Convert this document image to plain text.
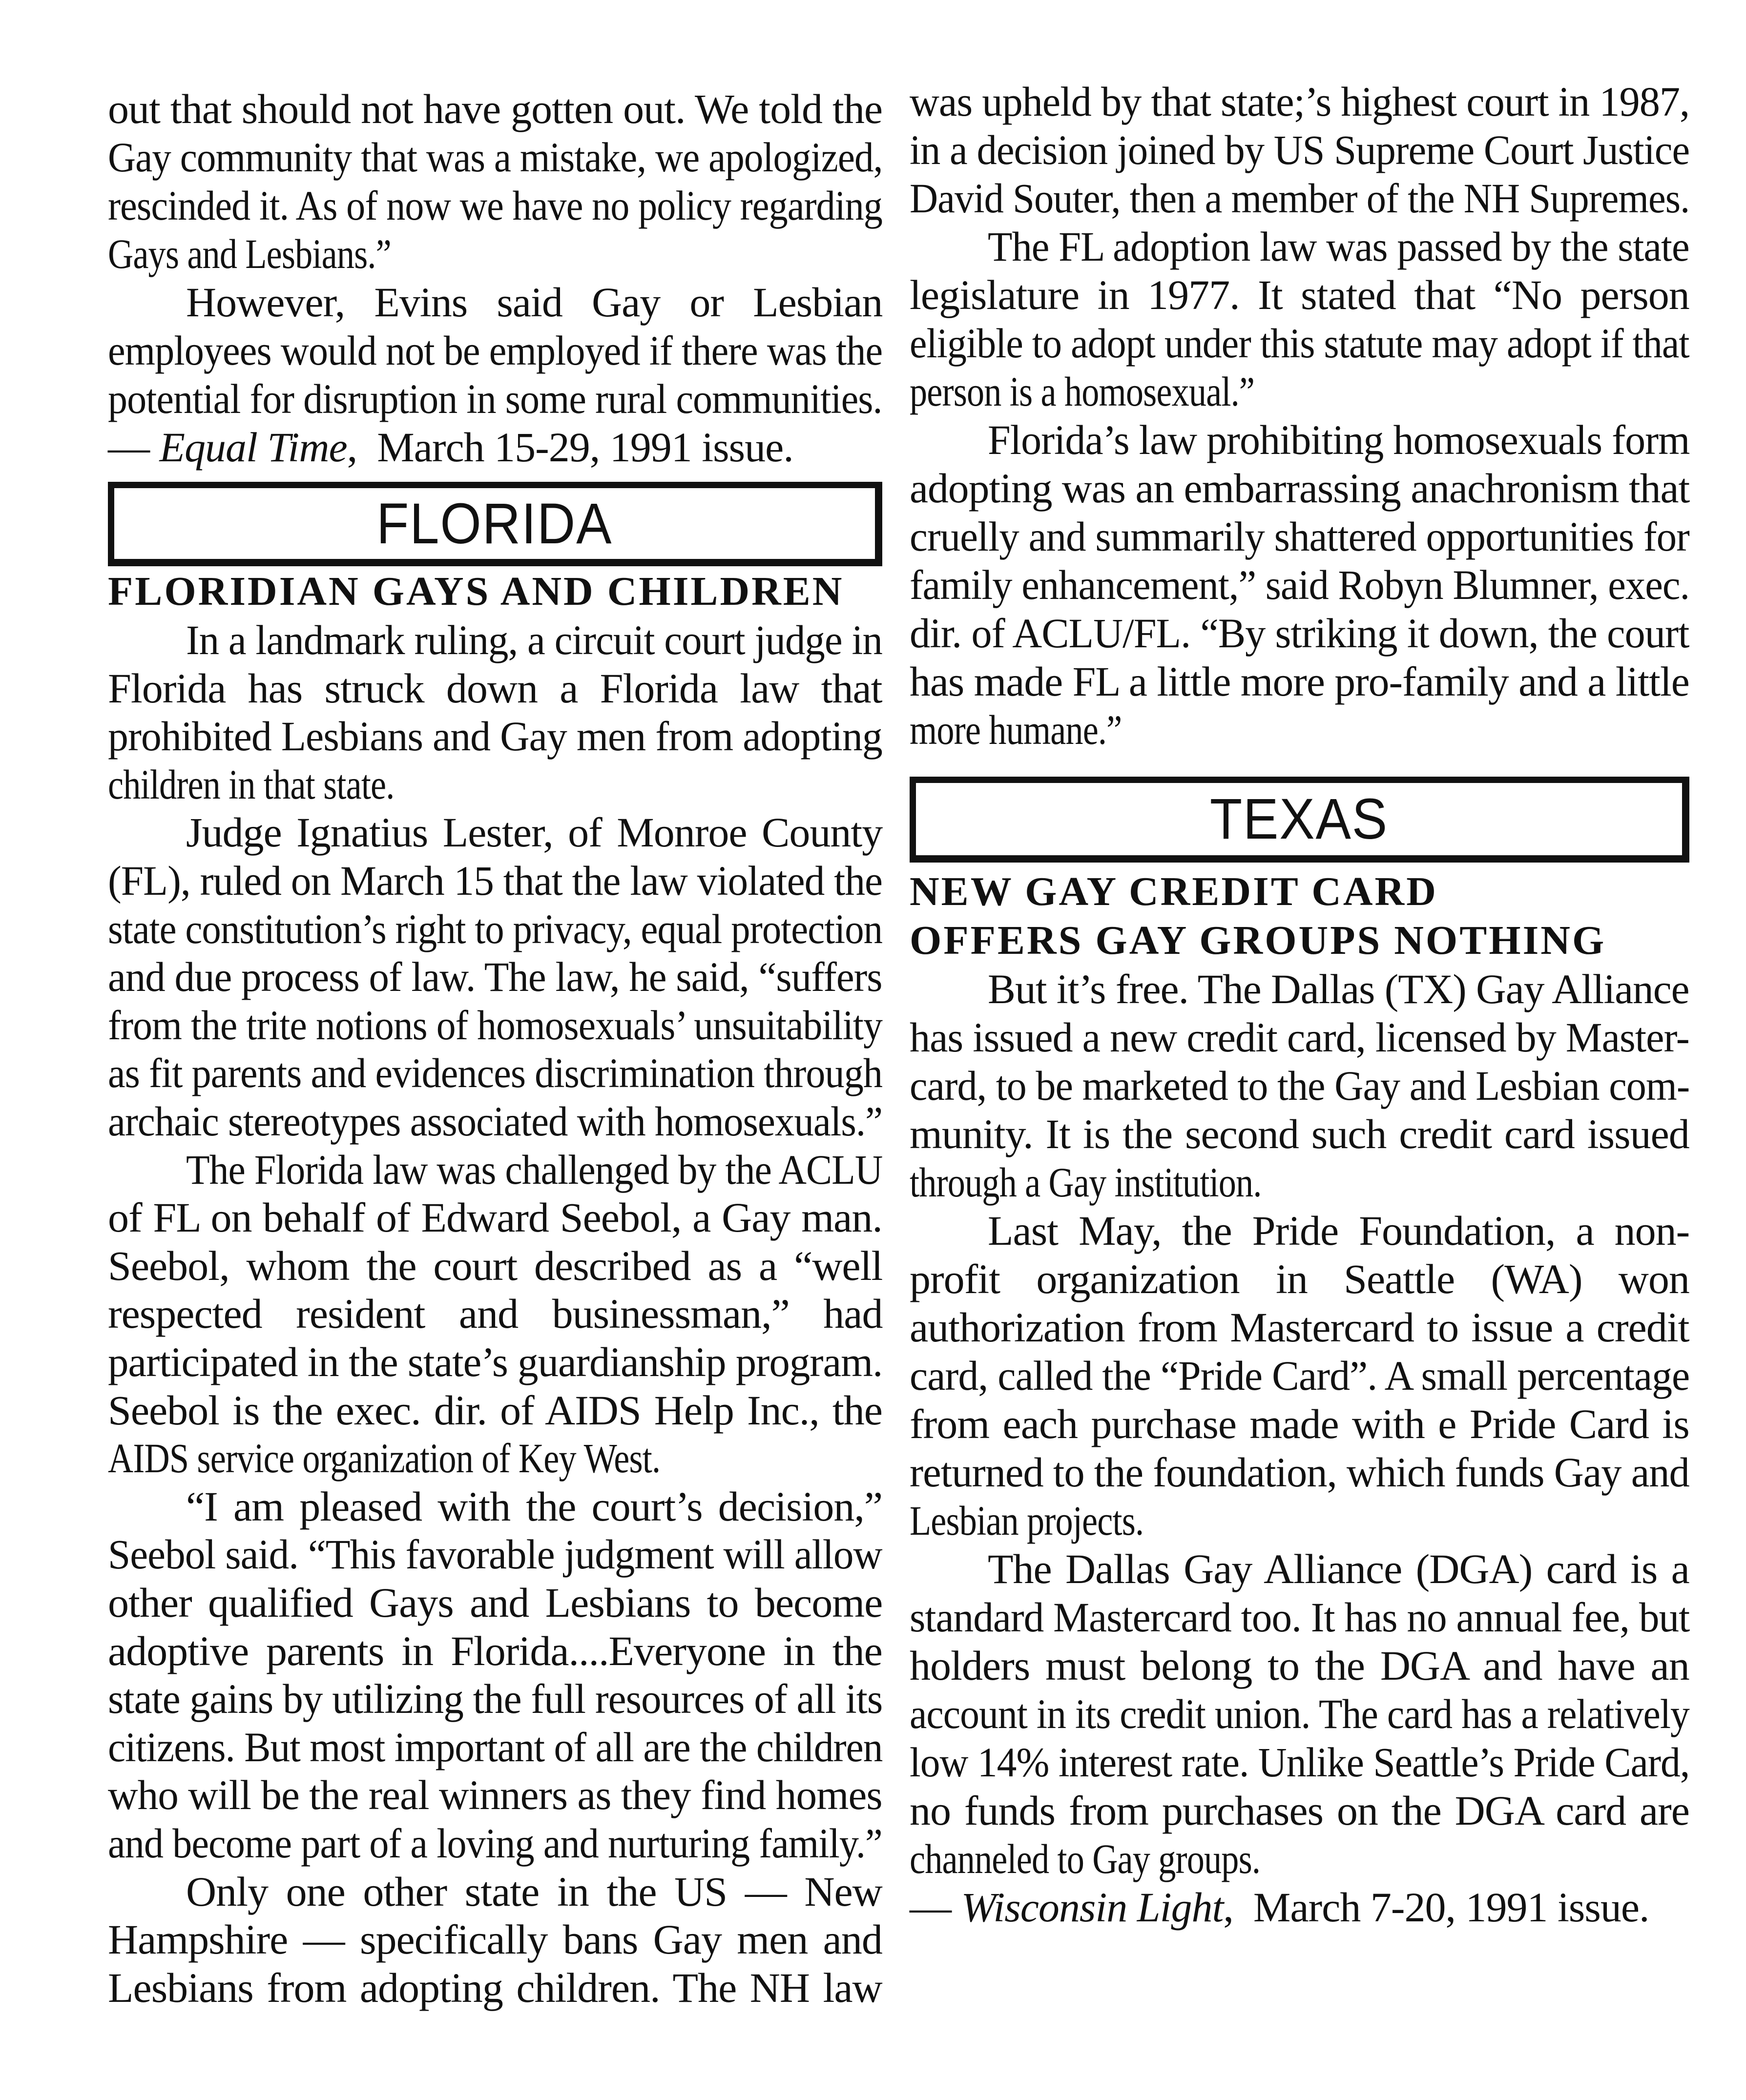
out that should not have gotten out. We told the
Gay community that was a mistake, we apologized,
rescinded it. As of now we have no policy regarding
Gays and Lesbians.”
However, Evins said Gay or Lesbian
employees would not be employed if there was the
potential for disruption in some rural communities.
— Equal Time,  March 15-29, 1991 issue.
FLORIDA
FLORIDIAN GAYS AND CHILDREN
In a landmark ruling, a circuit court judge in
Florida has struck down a Florida law that
prohibited Lesbians and Gay men from adopting
children in that state.
Judge Ignatius Lester, of Monroe County
(FL), ruled on March 15 that the law violated the
state constitution’s right to privacy, equal protection
and due process of law. The law, he said, “suffers
from the trite notions of homosexuals’ unsuitability
as fit parents and evidences discrimination through
archaic stereotypes associated with homosexuals.”
The Florida law was challenged by the ACLU
of FL on behalf of Edward Seebol, a Gay man.
Seebol, whom the court described as a “well
respected resident and businessman,” had
participated in the state’s guardianship program.
Seebol is the exec. dir. of AIDS Help Inc., the
AIDS service organization of Key West.
“I am pleased with the court’s decision,”
Seebol said. “This favorable judgment will allow
other qualified Gays and Lesbians to become
adoptive parents in Florida....Everyone in the
state gains by utilizing the full resources of all its
citizens. But most important of all are the children
who will be the real winners as they find homes
and become part of a loving and nurturing family.”
Only one other state in the US — New
Hampshire — specifically bans Gay men and
Lesbians from adopting children. The NH law
was upheld by that state;’s highest court in 1987,
in a decision joined by US Supreme Court Justice
David Souter, then a member of the NH Supremes.
The FL adoption law was passed by the state
legislature in 1977. It stated that “No person
eligible to adopt under this statute may adopt if that
person is a homosexual.”
Florida’s law prohibiting homosexuals form
adopting was an embarrassing anachronism that
cruelly and summarily shattered opportunities for
family enhancement,” said Robyn Blumner, exec.
dir. of ACLU/FL. “By striking it down, the court
has made FL a little more pro-family and a little
more humane.”
TEXAS
NEW GAY CREDIT CARD
OFFERS GAY GROUPS NOTHING
But it’s free. The Dallas (TX) Gay Alliance
has issued a new credit card, licensed by Master-
card, to be marketed to the Gay and Lesbian com-
munity. It is the second such credit card issued
through a Gay institution.
Last May, the Pride Foundation, a non-
profit organization in Seattle (WA) won
authorization from Mastercard to issue a credit
card, called the “Pride Card”. A small percentage
from each purchase made with e Pride Card is
returned to the foundation, which funds Gay and
Lesbian projects.
The Dallas Gay Alliance (DGA) card is a
standard Mastercard too. It has no annual fee, but
holders must belong to the DGA and have an
account in its credit union. The card has a relatively
low 14% interest rate. Unlike Seattle’s Pride Card,
no funds from purchases on the DGA card are
channeled to Gay groups.
— Wisconsin Light,  March 7-20, 1991 issue.
